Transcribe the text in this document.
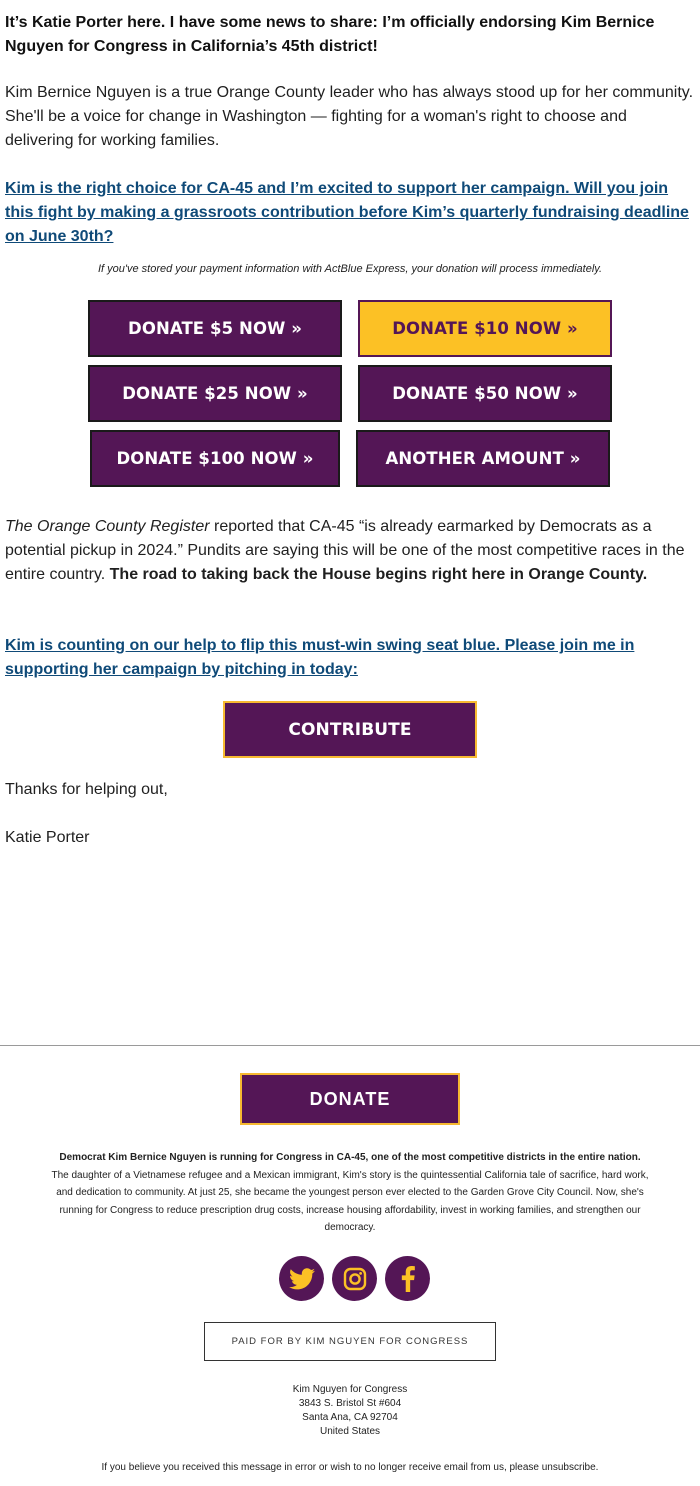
It’s Katie Porter here. I have some news to share: I’m officially endorsing Kim Bernice Nguyen for Congress in California’s 45th district!
Kim Bernice Nguyen is a true Orange County leader who has always stood up for her community. She'll be a voice for change in Washington — fighting for a woman's right to choose and delivering for working families.
Kim is the right choice for CA-45 and I’m excited to support her campaign. Will you join this fight by making a grassroots contribution before Kim’s quarterly fundraising deadline on June 30th?
If you've stored your payment information with ActBlue Express, your donation will process immediately.
DONATE $5 NOW »	DONATE $10 NOW »
DONATE $25 NOW »	DONATE $50 NOW »
DONATE $100 NOW »	ANOTHER AMOUNT »
The Orange County Register reported that CA-45 “is already earmarked by Democrats as a potential pickup in 2024.” Pundits are saying this will be one of the most competitive races in the entire country. The road to taking back the House begins right here in Orange County.
Kim is counting on our help to flip this must-win swing seat blue. Please join me in supporting her campaign by pitching in today:
CONTRIBUTE
Thanks for helping out,
Katie Porter
DONATE
Democrat Kim Bernice Nguyen is running for Congress in CA-45, one of the most competitive districts in the entire nation. The daughter of a Vietnamese refugee and a Mexican immigrant, Kim's story is the quintessential California tale of sacrifice, hard work, and dedication to community. At just 25, she became the youngest person ever elected to the Garden Grove City Council. Now, she's running for Congress to reduce prescription drug costs, increase housing affordability, invest in working families, and strengthen our democracy.
PAID FOR BY KIM NGUYEN FOR CONGRESS
Kim Nguyen for Congress
3843 S. Bristol St #604
Santa Ana, CA 92704
United States
If you believe you received this message in error or wish to no longer receive email from us, please unsubscribe.
